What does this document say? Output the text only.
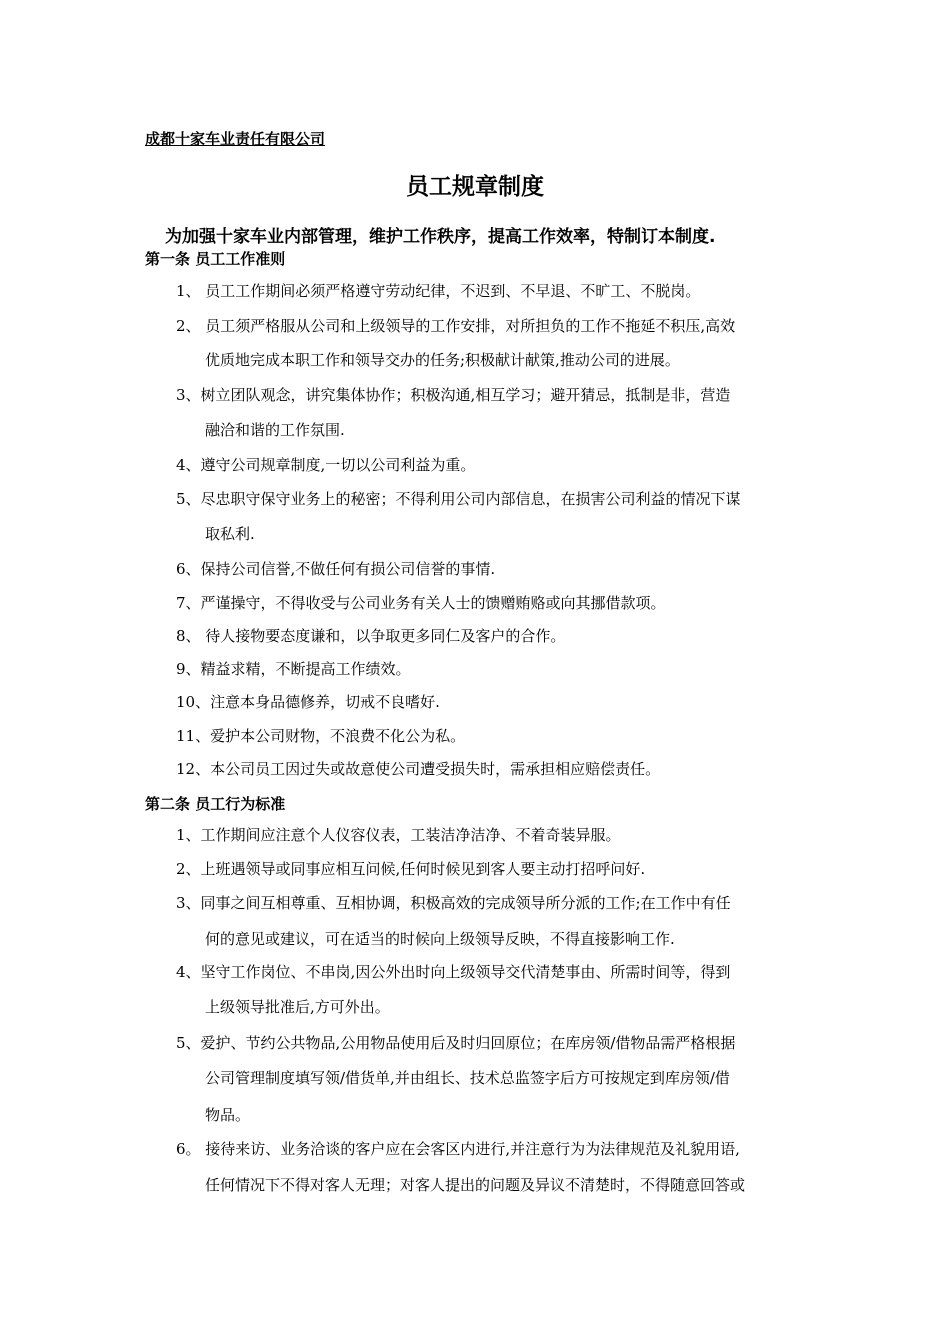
成都十家车业责任有限公司
员工规章制度
为加强十家车业内部管理，维护工作秩序，提高工作效率，特制订本制度.
第一条 员工工作准则
1、 员工工作期间必须严格遵守劳动纪律，不迟到、不早退、不旷工、不脱岗。
2、 员工须严格服从公司和上级领导的工作安排，对所担负的工作不拖延不积压,高效
优质地完成本职工作和领导交办的任务;积极献计献策,推动公司的进展。
3、树立团队观念，讲究集体协作；积极沟通,相互学习；避开猜忌，抵制是非，营造
融洽和谐的工作氛围.
4、遵守公司规章制度,一切以公司利益为重。
5、尽忠职守保守业务上的秘密；不得利用公司内部信息，在损害公司利益的情况下谋
取私利.
6、保持公司信誉,不做任何有损公司信誉的事情.
7、严谨操守，不得收受与公司业务有关人士的馈赠贿赂或向其挪借款项。
8、 待人接物要态度谦和，以争取更多同仁及客户的合作。
9、精益求精，不断提高工作绩效。
10、注意本身品德修养，切戒不良嗜好.
11、爱护本公司财物，不浪费不化公为私。
12、本公司员工因过失或故意使公司遭受损失时，需承担相应赔偿责任。
第二条 员工行为标准
1、工作期间应注意个人仪容仪表，工装洁净洁净、不着奇装异服。
2、上班遇领导或同事应相互问候,任何时候见到客人要主动打招呼问好.
3、同事之间互相尊重、互相协调，积极高效的完成领导所分派的工作;在工作中有任
何的意见或建议，可在适当的时候向上级领导反映，不得直接影响工作.
4、坚守工作岗位、不串岗,因公外出时向上级领导交代清楚事由、所需时间等，得到
上级领导批准后,方可外出。
5、爱护、节约公共物品,公用物品使用后及时归回原位；在库房领/借物品需严格根据
公司管理制度填写领/借货单,并由组长、技术总监签字后方可按规定到库房领/借
物品。
6。 接待来访、业务洽谈的客户应在会客区内进行,并注意行为为法律规范及礼貌用语,
任何情况下不得对客人无理；对客人提出的问题及异议不清楚时，不得随意回答或
